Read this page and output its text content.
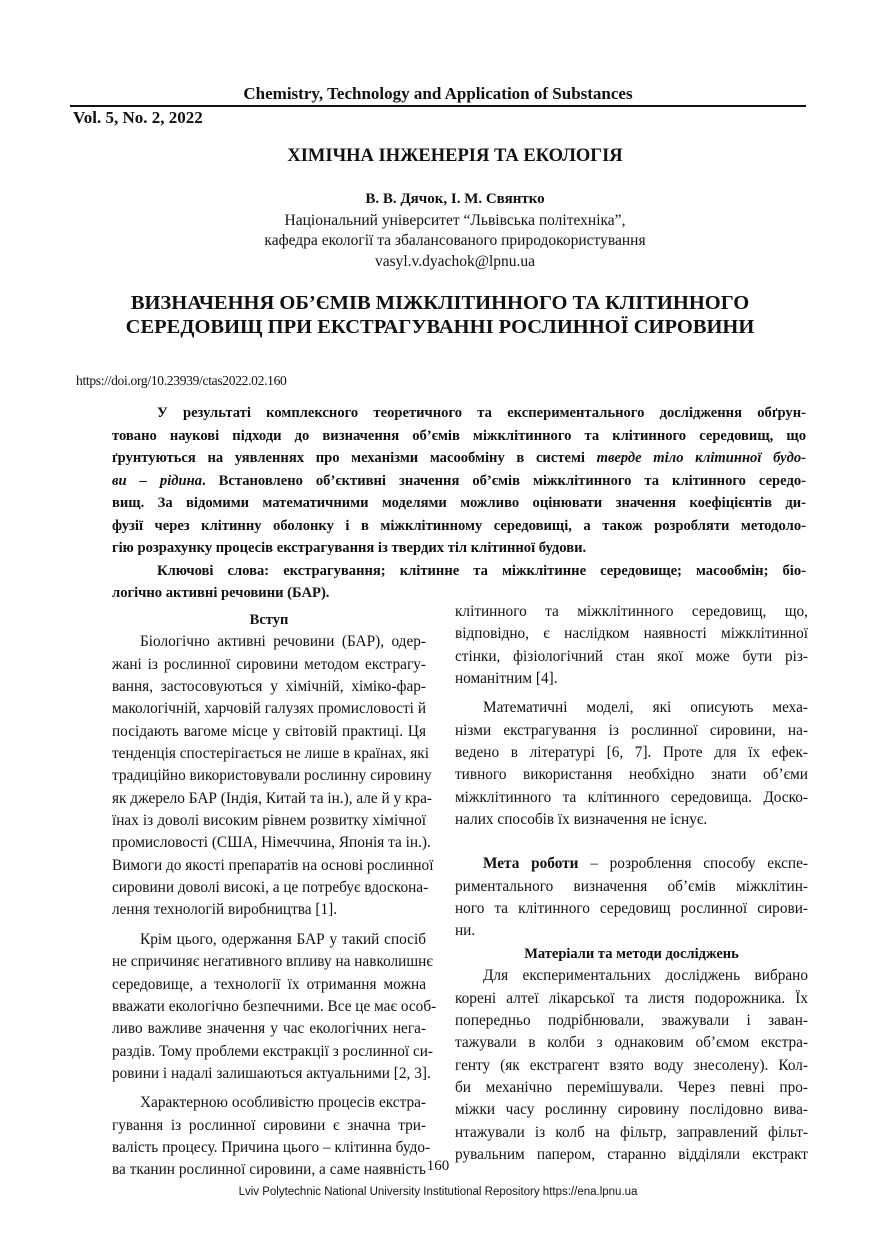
Chemistry, Technology and Application of Substances
Vol. 5, No. 2, 2022
ХІМІЧНА ІНЖЕНЕРІЯ ТА ЕКОЛОГІЯ
В. В. Дячок, І. М. Свянтко
Національний університет “Львівська політехніка”,
кафедра екології та збалансованого природокористування
vasyl.v.dyachok@lpnu.ua
ВИЗНАЧЕННЯ ОБ’ЄМІВ МІЖКЛІТИННОГО ТА КЛІТИННОГО
СЕРЕДОВИЩ ПРИ ЕКСТРАГУВАННІ РОСЛИННОЇ СИРОВИНИ
https://doi.org/10.23939/ctas2022.02.160
У результаті комплексного теоретичного та експериментального дослідження обґрун-
товано наукові підходи до визначення об’ємів міжклітинного та клітинного середовищ, що
ґрунтуються на уявленнях про механізми масообміну в системі тверде тіло клітинної будо-
ви – рідина. Встановлено об’єктивні значення об’ємів міжклітинного та клітинного середо-
вищ. За відомими математичними моделями можливо оцінювати значення коефіцієнтів ди-
фузії через клітинну оболонку і в міжклітинному середовищі, а також розробляти методоло-
гію розрахунку процесів екстрагування із твердих тіл клітинної будови.
Ключові слова: екстрагування; клітинне та міжклітинне середовище; масообмін; біо-
логічно активні речовини (БАР).
Вступ
Біологічно активні речовини (БАР), одер-
жані із рослинної сировини методом екстрагу-
вання, застосовуються у хімічній, хіміко-фар-
макологічній, харчовій галузях промисловості й
посідають вагоме місце у світовій практиці. Ця
тенденція спостерігається не лише в країнах, які
традиційно використовували рослинну сировину
як джерело БАР (Індія, Китай та ін.), але й у кра-
їнах із доволі високим рівнем розвитку хімічної
промисловості (США, Німеччина, Японія та ін.).
Вимоги до якості препаратів на основі рослинної
сировини доволі високі, а це потребує вдоскона-
лення технологій виробництва [1].
Крім цього, одержання БАР у такий спосіб
не спричиняє негативного впливу на навколишнє
середовище, а технології їх отримання можна
вважати екологічно безпечними. Все це має особ-
ливо важливе значення у час екологічних нега-
раздів. Тому проблеми екстракції з рослинної си-
ровини і надалі залишаються актуальними [2, 3].
Характерною особливістю процесів екстра-
гування із рослинної сировини є значна три-
валість процесу. Причина цього – клітинна будо-
ва тканин рослинної сировини, а саме наявність
клітинного та міжклітинного середовищ, що,
відповідно, є наслідком наявності міжклітинної
стінки, фізіологічний стан якої може бути різ-
номанітним [4].
Математичні моделі, які описують меха-
нізми екстрагування із рослинної сировини, на-
ведено в літературі [6, 7]. Проте для їх ефек-
тивного використання необхідно знати об’єми
міжклітинного та клітинного середовища. Доско-
налих способів їх визначення не існує.
Мета роботи – розроблення способу експе-
риментального визначення об’ємів міжклітин-
ного та клітинного середовищ рослинної сирови-
ни.
Матеріали та методи досліджень
Для експериментальних досліджень вибрано
корені алтеї лікарської та листя подорожника. Їх
попередньо подрібнювали, зважували і заван-
тажували в колби з однаковим об’ємом екстра-
генту (як екстрагент взято воду знесолену). Кол-
би механічно перемішували. Через певні про-
міжки часу рослинну сировину послідовно вива-
нтажували із колб на фільтр, заправлений фільт-
рувальним папером, старанно відділяли екстракт
160
Lviv Polytechnic National University Institutional Repository https://ena.lpnu.ua
